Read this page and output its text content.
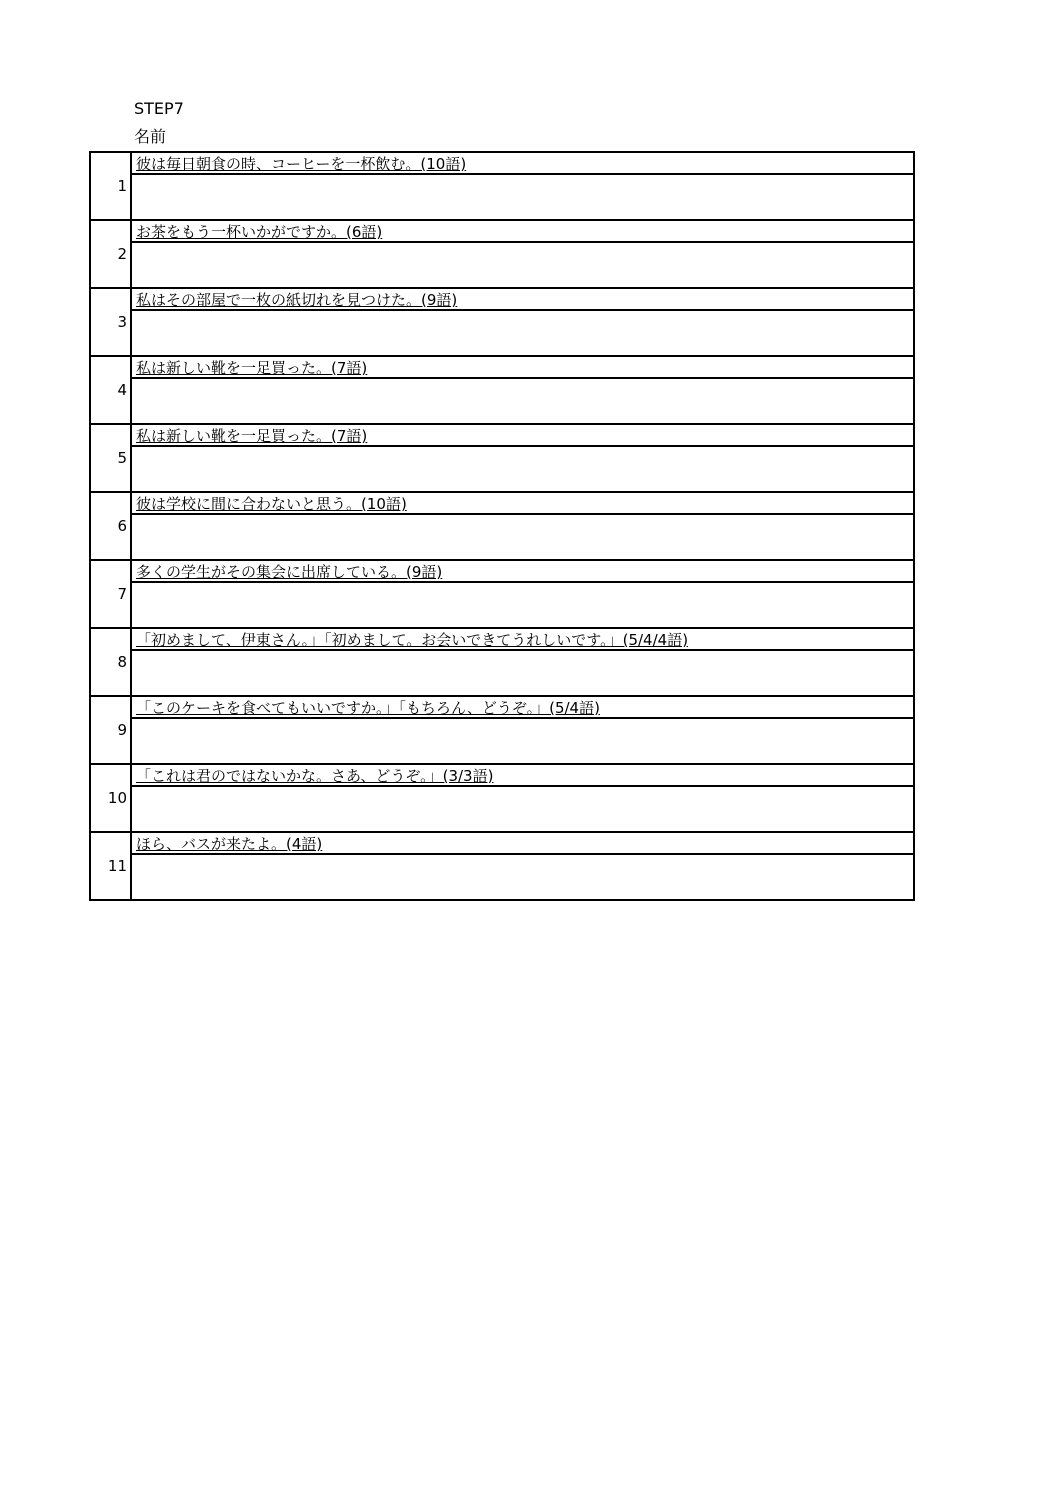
STEP7
名前
1	彼は毎日朝食の時、コーヒーを一杯飲む。(10語)

2	お茶をもう一杯いかがですか。(6語)

3	私はその部屋で一枚の紙切れを見つけた。(9語)

4	私は新しい靴を一足買った。(7語)

5	私は新しい靴を一足買った。(7語)

6	彼は学校に間に合わないと思う。(10語)

7	多くの学生がその集会に出席している。(9語)

8	「初めまして、伊東さん。」「初めまして。お会いできてうれしいです。」(5/4/4語)

9	「このケーキを食べてもいいですか。」「もちろん、どうぞ。」(5/4語)

10	「これは君のではないかな。さあ、どうぞ。」(3/3語)

11	ほら、バスが来たよ。(4語)
